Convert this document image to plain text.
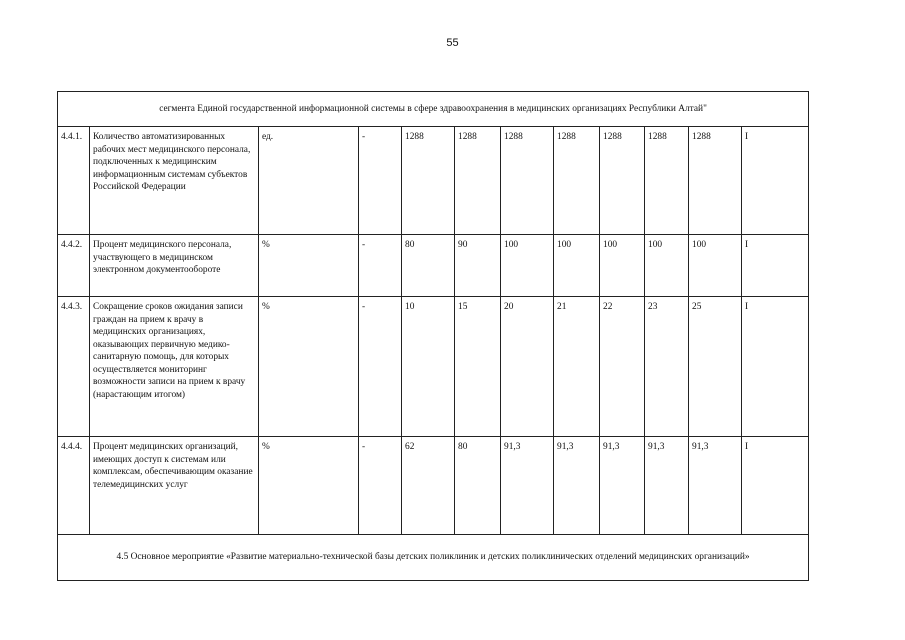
55
сегмента Единой государственной информационной системы в сфере здравоохранения в медицинских организациях Республики Алтай"											
4.4.1.	Количество автоматизированных рабочих мест медицинского персонала, подключенных к медицинским информационным системам субъектов Российской Федерации	ед.	-	1288	1288	1288	1288	1288	1288	1288	I
4.4.2.	Процент медицинского персонала, участвующего в медицинском электронном документообороте	%	-	80	90	100	100	100	100	100	I
4.4.3.	Сокращение сроков ожидания записи граждан на прием к врачу в медицинских организациях, оказывающих первичную медико-санитарную помощь, для которых осуществляется мониторинг возможности записи на прием к врачу (нарастающим итогом)	%	-	10	15	20	21	22	23	25	I
4.4.4.	Процент медицинских организаций, имеющих доступ к системам или комплексам, обеспечивающим оказание телемедицинских услуг	%	-	62	80	91,3	91,3	91,3	91,3	91,3	I
4.5 Основное мероприятие «Развитие материально-технической базы детских поликлиник и детских поликлинических отделений медицинских организаций»											
